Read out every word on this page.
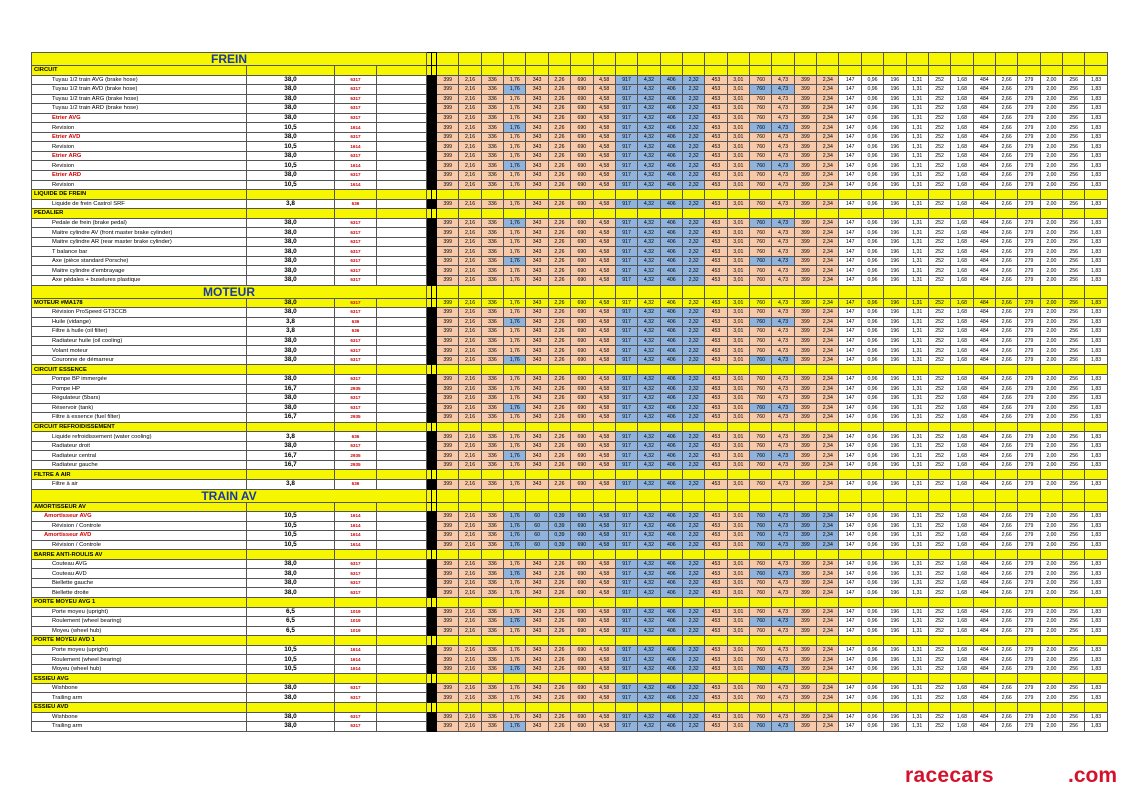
FREIN																																			
CIRCUIT																																			
Tuyau 1/2 train AVG (brake hose)	38,0	6317				399	2,16	336	1,76	343	2,26	690	4,58	917	4,32	406	2,32	453	3,01	760	4,73	399	2,34	147	0,96	196	1,31	252	1,68	484	2,66	279	2,00	256	1,83
Tuyau 1/2 train AVD (brake hose)	38,0	6317				399	2,16	336	1,76	343	2,26	690	4,58	917	4,32	406	2,32	453	3,01	760	4,73	399	2,34	147	0,96	196	1,31	252	1,68	484	2,66	279	2,00	256	1,83
Tuyau 1/2 train ARG (brake hose)	38,0	6317				399	2,16	336	1,76	343	2,26	690	4,58	917	4,32	406	2,32	453	3,01	760	4,73	399	2,34	147	0,96	196	1,31	252	1,68	484	2,66	279	2,00	256	1,83
Tuyau 1/2 train ARD (brake hose)	38,0	6317				399	2,16	336	1,76	343	2,26	690	4,58	917	4,32	406	2,32	453	3,01	760	4,73	399	2,34	147	0,96	196	1,31	252	1,68	484	2,66	279	2,00	256	1,83
Etrier AVG	38,0	6317				399	2,16	336	1,76	343	2,26	690	4,58	917	4,32	406	2,32	453	3,01	760	4,73	399	2,34	147	0,96	196	1,31	252	1,68	484	2,66	279	2,00	256	1,83
Revision	10,5	1614				399	2,16	336	1,76	343	2,26	690	4,58	917	4,32	406	2,32	453	3,01	760	4,73	399	2,34	147	0,96	196	1,31	252	1,68	484	2,66	279	2,00	256	1,83
Etrier AVD	38,0	6317				399	2,16	336	1,76	343	2,26	690	4,58	917	4,32	406	2,32	453	3,01	760	4,73	399	2,34	147	0,96	196	1,31	252	1,68	484	2,66	279	2,00	256	1,83
Revision	10,5	1614				399	2,16	336	1,76	343	2,26	690	4,58	917	4,32	406	2,32	453	3,01	760	4,73	399	2,34	147	0,96	196	1,31	252	1,68	484	2,66	279	2,00	256	1,83
Etrier ARG	38,0	6317				399	2,16	336	1,76	343	2,26	690	4,58	917	4,32	406	2,32	453	3,01	760	4,73	399	2,34	147	0,96	196	1,31	252	1,68	484	2,66	279	2,00	256	1,83
Revision	10,5	1614				399	2,16	336	1,76	343	2,26	690	4,58	917	4,32	406	2,32	453	3,01	760	4,73	399	2,34	147	0,96	196	1,31	252	1,68	484	2,66	279	2,00	256	1,83
Etrier ARD	38,0	6317				399	2,16	336	1,76	343	2,26	690	4,58	917	4,32	406	2,32	453	3,01	760	4,73	399	2,34	147	0,96	196	1,31	252	1,68	484	2,66	279	2,00	256	1,83
Revision	10,5	1614				399	2,16	336	1,76	343	2,26	690	4,58	917	4,32	406	2,32	453	3,01	760	4,73	399	2,34	147	0,96	196	1,31	252	1,68	484	2,66	279	2,00	256	1,83
LIQUIDE DE FREIN																																			
Liquide de frein Castrol SRF	3,8	636				399	2,16	336	1,76	343	2,26	690	4,58	917	4,32	406	2,32	453	3,01	760	4,73	399	2,34	147	0,96	196	1,31	252	1,68	484	2,66	279	2,00	256	1,83
PEDALIER																																			
Pedale de frein (brake pedal)	38,0	6317				399	2,16	336	1,76	343	2,26	690	4,58	917	4,32	406	2,32	453	3,01	760	4,73	399	2,34	147	0,96	196	1,31	252	1,68	484	2,66	279	2,00	256	1,83
Maitre cylindre AV (front master brake cylinder)	38,0	6317				399	2,16	336	1,76	343	2,26	690	4,58	917	4,32	406	2,32	453	3,01	760	4,73	399	2,34	147	0,96	196	1,31	252	1,68	484	2,66	279	2,00	256	1,83
Maitre cylindre AR (rear master brake cylinder)	38,0	6317				399	2,16	336	1,76	343	2,26	690	4,58	917	4,32	406	2,32	453	3,01	760	4,73	399	2,34	147	0,96	196	1,31	252	1,68	484	2,66	279	2,00	256	1,83
T balance bar	38,0	6317				399	2,16	336	1,76	343	2,26	690	4,58	917	4,32	406	2,32	453	3,01	760	4,73	399	2,34	147	0,96	196	1,31	252	1,68	484	2,66	279	2,00	256	1,83
Axe (pièce standard Porsche)	38,0	6317				399	2,16	336	1,76	343	2,26	690	4,58	917	4,32	406	2,32	453	3,01	760	4,73	399	2,34	147	0,96	196	1,31	252	1,68	484	2,66	279	2,00	256	1,83
Maitre cylindre d'embrayage	38,0	6317				399	2,16	336	1,76	343	2,26	690	4,58	917	4,32	406	2,32	453	3,01	760	4,73	399	2,34	147	0,96	196	1,31	252	1,68	484	2,66	279	2,00	256	1,83
Axe pédales + buselures plastique	38,0	6317				399	2,16	336	1,76	343	2,26	690	4,58	917	4,32	406	2,32	453	3,01	760	4,73	399	2,34	147	0,96	196	1,31	252	1,68	484	2,66	279	2,00	256	1,83
MOTEUR																																			
MOTEUR #MA178	38,0	6317				399	2,16	336	1,76	343	2,26	690	4,58	917	4,32	406	2,32	453	3,01	760	4,73	399	2,34	147	0,96	196	1,31	252	1,68	484	2,66	279	2,00	256	1,83
Révision ProSpeed GT3CCB	38,0	6317				399	2,16	336	1,76	343	2,26	690	4,58	917	4,32	406	2,32	453	3,01	760	4,73	399	2,34	147	0,96	196	1,31	252	1,68	484	2,66	279	2,00	256	1,83
Huile (vidange)	3,8	636				399	2,16	336	1,76	343	2,26	690	4,58	917	4,32	406	2,32	453	3,01	760	4,73	399	2,34	147	0,96	196	1,31	252	1,68	484	2,66	279	2,00	256	1,83
Filtre à huile (oil filter)	3,8	636				399	2,16	336	1,76	343	2,26	690	4,58	917	4,32	406	2,32	453	3,01	760	4,73	399	2,34	147	0,96	196	1,31	252	1,68	484	2,66	279	2,00	256	1,83
Radiateur huile (oil cooling)	38,0	6317				399	2,16	336	1,76	343	2,26	690	4,58	917	4,32	406	2,32	453	3,01	760	4,73	399	2,34	147	0,96	196	1,31	252	1,68	484	2,66	279	2,00	256	1,83
Volant moteur	38,0	6317				399	2,16	336	1,76	343	2,26	690	4,58	917	4,32	406	2,32	453	3,01	760	4,73	399	2,34	147	0,96	196	1,31	252	1,68	484	2,66	279	2,00	256	1,83
Couronne de démarreur	38,0	6317				399	2,16	336	1,76	343	2,26	690	4,58	917	4,32	406	2,32	453	3,01	760	4,73	399	2,34	147	0,96	196	1,31	252	1,68	484	2,66	279	2,00	256	1,83
CIRCUIT ESSENCE																																			
Pompe BP immergée	38,0	6317				399	2,16	336	1,76	343	2,26	690	4,58	917	4,32	406	2,32	453	3,01	760	4,73	399	2,34	147	0,96	196	1,31	252	1,68	484	2,66	279	2,00	256	1,83
Pompe HP	16,7	2935				399	2,16	336	1,76	343	2,26	690	4,58	917	4,32	406	2,32	453	3,01	760	4,73	399	2,34	147	0,96	196	1,31	252	1,68	484	2,66	279	2,00	256	1,83
Régulateur (5bars)	38,0	6317				399	2,16	336	1,76	343	2,26	690	4,58	917	4,32	406	2,32	453	3,01	760	4,73	399	2,34	147	0,96	196	1,31	252	1,68	484	2,66	279	2,00	256	1,83
Réservoir (tank)	38,0	6317				399	2,16	336	1,76	343	2,26	690	4,58	917	4,32	406	2,32	453	3,01	760	4,73	399	2,34	147	0,96	196	1,31	252	1,68	484	2,66	279	2,00	256	1,83
Filtre à essence (fuel filter)	16,7	2935				399	2,16	336	1,76	343	2,26	690	4,58	917	4,32	406	2,32	453	3,01	760	4,73	399	2,34	147	0,96	196	1,31	252	1,68	484	2,66	279	2,00	256	1,83
CIRCUIT REFROIDISSEMENT																																			
Liquide refroidissement (water cooling)	3,8	636				399	2,16	336	1,76	343	2,26	690	4,58	917	4,32	406	2,32	453	3,01	760	4,73	399	2,34	147	0,96	196	1,31	252	1,68	484	2,66	279	2,00	256	1,83
Radiateur droit	38,0	6317				399	2,16	336	1,76	343	2,26	690	4,58	917	4,32	406	2,32	453	3,01	760	4,73	399	2,34	147	0,96	196	1,31	252	1,68	484	2,66	279	2,00	256	1,83
Radiateur central	16,7	2935				399	2,16	336	1,76	343	2,26	690	4,58	917	4,32	406	2,32	453	3,01	760	4,73	399	2,34	147	0,96	196	1,31	252	1,68	484	2,66	279	2,00	256	1,83
Radiateur gauche	16,7	2935				399	2,16	336	1,76	343	2,26	690	4,58	917	4,32	406	2,32	453	3,01	760	4,73	399	2,34	147	0,96	196	1,31	252	1,68	484	2,66	279	2,00	256	1,83
FILTRE A AIR																																			
Filtre à air	3,8	636				399	2,16	336	1,76	343	2,26	690	4,58	917	4,32	406	2,32	453	3,01	760	4,73	399	2,34	147	0,96	196	1,31	252	1,68	484	2,66	279	2,00	256	1,83
TRAIN AV																																			
AMORTISSEUR AV																																			
Amortisseur AVG	10,5	1614				399	2,16	336	1,76	60	0,39	690	4,58	917	4,32	406	2,32	453	3,01	760	4,73	399	2,34	147	0,96	196	1,31	252	1,68	484	2,66	279	2,00	256	1,83
Révision / Controle	10,5	1614				399	2,16	336	1,76	60	0,39	690	4,58	917	4,32	406	2,32	453	3,01	760	4,73	399	2,34	147	0,96	196	1,31	252	1,68	484	2,66	279	2,00	256	1,83
Amortisseur AVD	10,5	1614				399	2,16	336	1,76	60	0,39	690	4,58	917	4,32	406	2,32	453	3,01	760	4,73	399	2,34	147	0,96	196	1,31	252	1,68	484	2,66	279	2,00	256	1,83
Révision / Controle	10,5	1614				399	2,16	336	1,76	60	0,39	690	4,58	917	4,32	406	2,32	453	3,01	760	4,73	399	2,34	147	0,96	196	1,31	252	1,68	484	2,66	279	2,00	256	1,83
BARRE ANTI-ROULIS AV																																			
Couteau AVG	38,0	6317				399	2,16	336	1,76	343	2,26	690	4,58	917	4,32	406	2,32	453	3,01	760	4,73	399	2,34	147	0,96	196	1,31	252	1,68	484	2,66	279	2,00	256	1,83
Couteau AVD	38,0	6317				399	2,16	336	1,76	343	2,26	690	4,58	917	4,32	406	2,32	453	3,01	760	4,73	399	2,34	147	0,96	196	1,31	252	1,68	484	2,66	279	2,00	256	1,83
Biellette gauche	38,0	6317				399	2,16	336	1,76	343	2,26	690	4,58	917	4,32	406	2,32	453	3,01	760	4,73	399	2,34	147	0,96	196	1,31	252	1,68	484	2,66	279	2,00	256	1,83
Biellette droite	38,0	6317				399	2,16	336	1,76	343	2,26	690	4,58	917	4,32	406	2,32	453	3,01	760	4,73	399	2,34	147	0,96	196	1,31	252	1,68	484	2,66	279	2,00	256	1,83
PORTE MOYEU AVG 1																																			
Porte moyeu (upright)	6,5	1019				399	2,16	336	1,76	343	2,26	690	4,58	917	4,32	406	2,32	453	3,01	760	4,73	399	2,34	147	0,96	196	1,31	252	1,68	484	2,66	279	2,00	256	1,83
Roulement (wheel bearing)	6,5	1019				399	2,16	336	1,76	343	2,26	690	4,58	917	4,32	406	2,32	453	3,01	760	4,73	399	2,34	147	0,96	196	1,31	252	1,68	484	2,66	279	2,00	256	1,83
Moyeu (wheel hub)	6,5	1019				399	2,16	336	1,76	343	2,26	690	4,58	917	4,32	406	2,32	453	3,01	760	4,73	399	2,34	147	0,96	196	1,31	252	1,68	484	2,66	279	2,00	256	1,83
PORTE MOYEU AVD 1																																			
Porte moyeu (upright)	10,5	1614				399	2,16	336	1,76	343	2,26	690	4,58	917	4,32	406	2,32	453	3,01	760	4,73	399	2,34	147	0,96	196	1,31	252	1,68	484	2,66	279	2,00	256	1,83
Roulement (wheel bearing)	10,5	1614				399	2,16	336	1,76	343	2,26	690	4,58	917	4,32	406	2,32	453	3,01	760	4,73	399	2,34	147	0,96	196	1,31	252	1,68	484	2,66	279	2,00	256	1,83
Moyeu (wheel hub)	10,5	1614				399	2,16	336	1,76	343	2,26	690	4,58	917	4,32	406	2,32	453	3,01	760	4,73	399	2,34	147	0,96	196	1,31	252	1,68	484	2,66	279	2,00	256	1,83
ESSIEU AVG																																			
Wishbone	38,0	6317				399	2,16	336	1,76	343	2,26	690	4,58	917	4,32	406	2,32	453	3,01	760	4,73	399	2,34	147	0,96	196	1,31	252	1,68	484	2,66	279	2,00	256	1,83
Trailing arm	38,0	6317				399	2,16	336	1,76	343	2,26	690	4,58	917	4,32	406	2,32	453	3,01	760	4,73	399	2,34	147	0,96	196	1,31	252	1,68	484	2,66	279	2,00	256	1,83
ESSIEU AVD																																			
Wishbone	38,0	6317				399	2,16	336	1,76	343	2,26	690	4,58	917	4,32	406	2,32	453	3,01	760	4,73	399	2,34	147	0,96	196	1,31	252	1,68	484	2,66	279	2,00	256	1,83
Trailing arm	38,0	6317				399	2,16	336	1,76	343	2,26	690	4,58	917	4,32	406	2,32	453	3,01	760	4,73	399	2,34	147	0,96	196	1,31	252	1,68	484	2,66	279	2,00	256	1,83
racecars	.com
